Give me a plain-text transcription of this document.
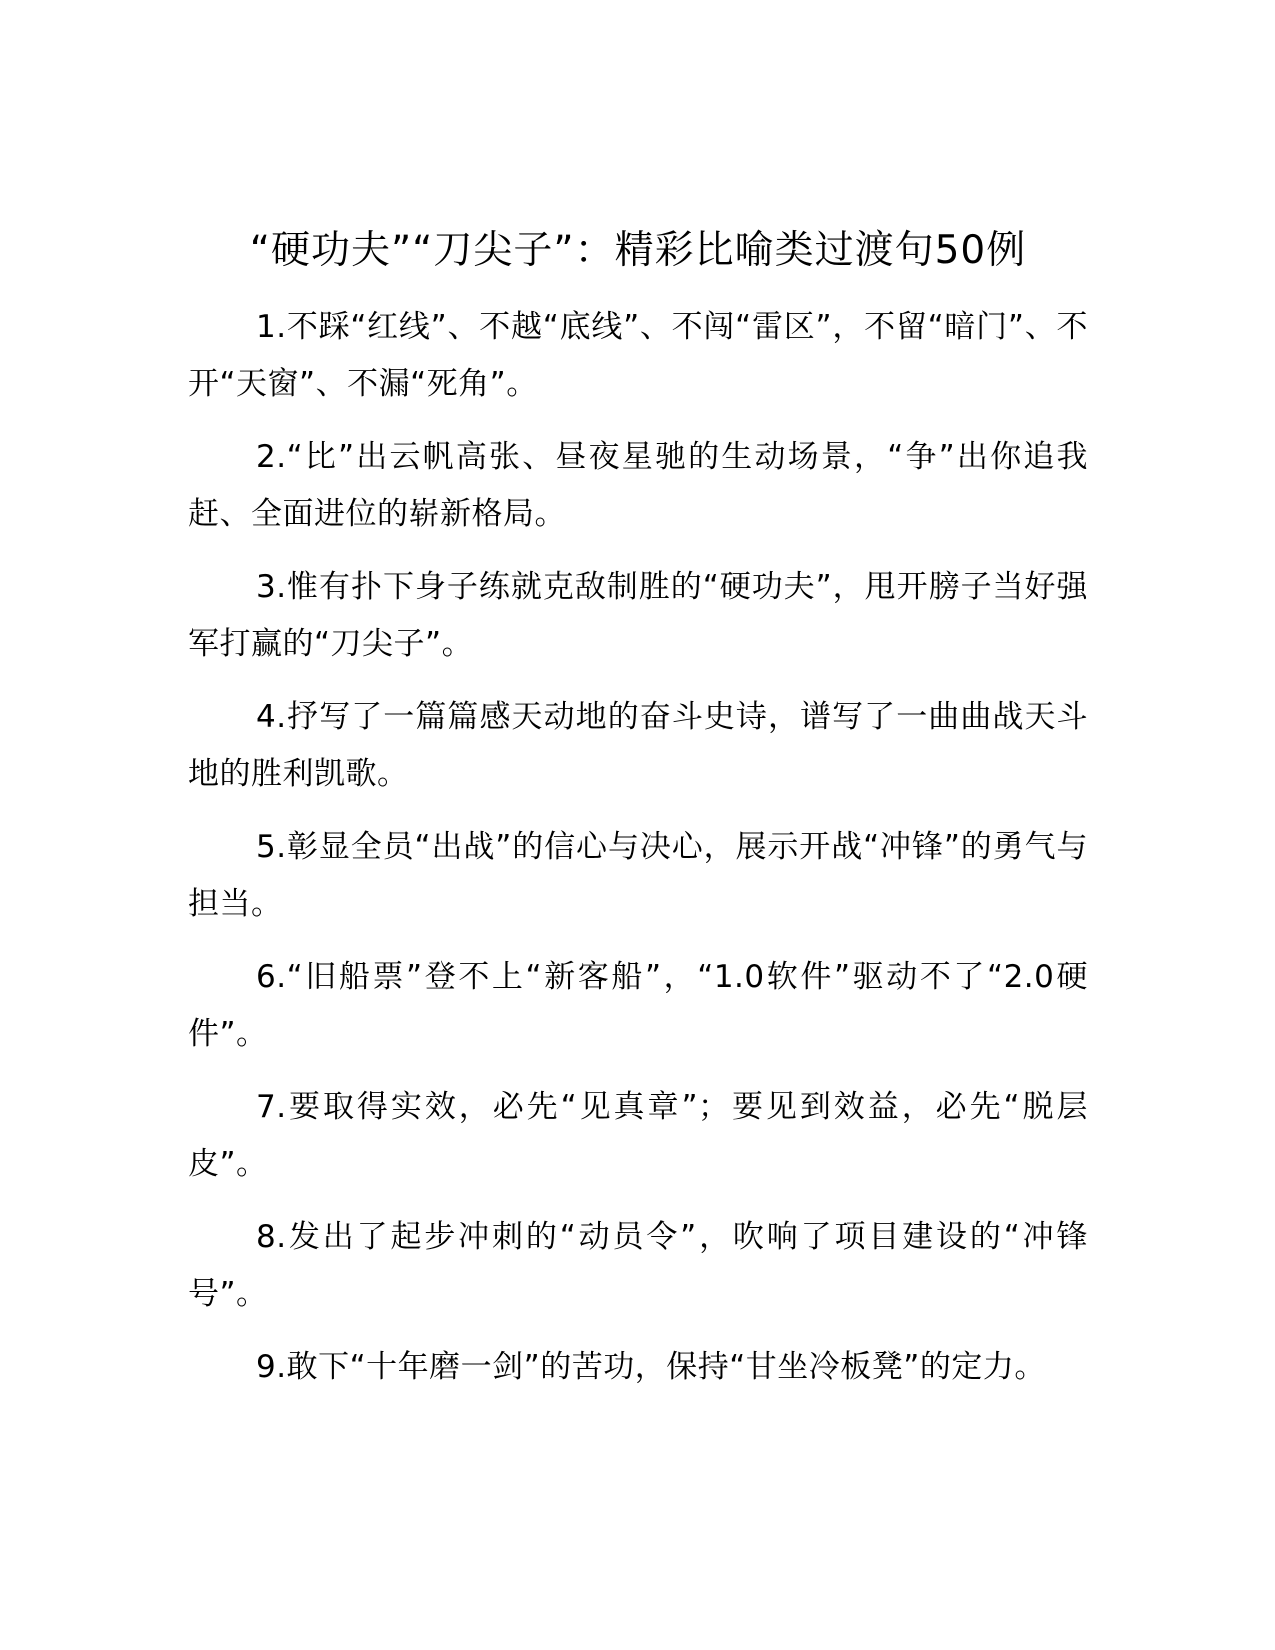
“硬功夫”“刀尖子”：精彩比喻类过渡句50例

1.不踩“红线”、不越“底线”、不闯“雷区”，不留“暗门”、不开“天窗”、不漏“死角”。

2.“比”出云帆高张、昼夜星驰的生动场景，“争”出你追我赶、全面进位的崭新格局。

3.惟有扑下身子练就克敌制胜的“硬功夫”，甩开膀子当好强军打赢的“刀尖子”。

4.抒写了一篇篇感天动地的奋斗史诗，谱写了一曲曲战天斗地的胜利凯歌。

5.彰显全员“出战”的信心与决心，展示开战“冲锋”的勇气与担当。

6.“旧船票”登不上“新客船”，“1.0软件”驱动不了“2.0硬件”。

7.要取得实效，必先“见真章”；要见到效益，必先“脱层皮”。

8.发出了起步冲刺的“动员令”，吹响了项目建设的“冲锋号”。

9.敢下“十年磨一剑”的苦功，保持“甘坐冷板凳”的定力。
